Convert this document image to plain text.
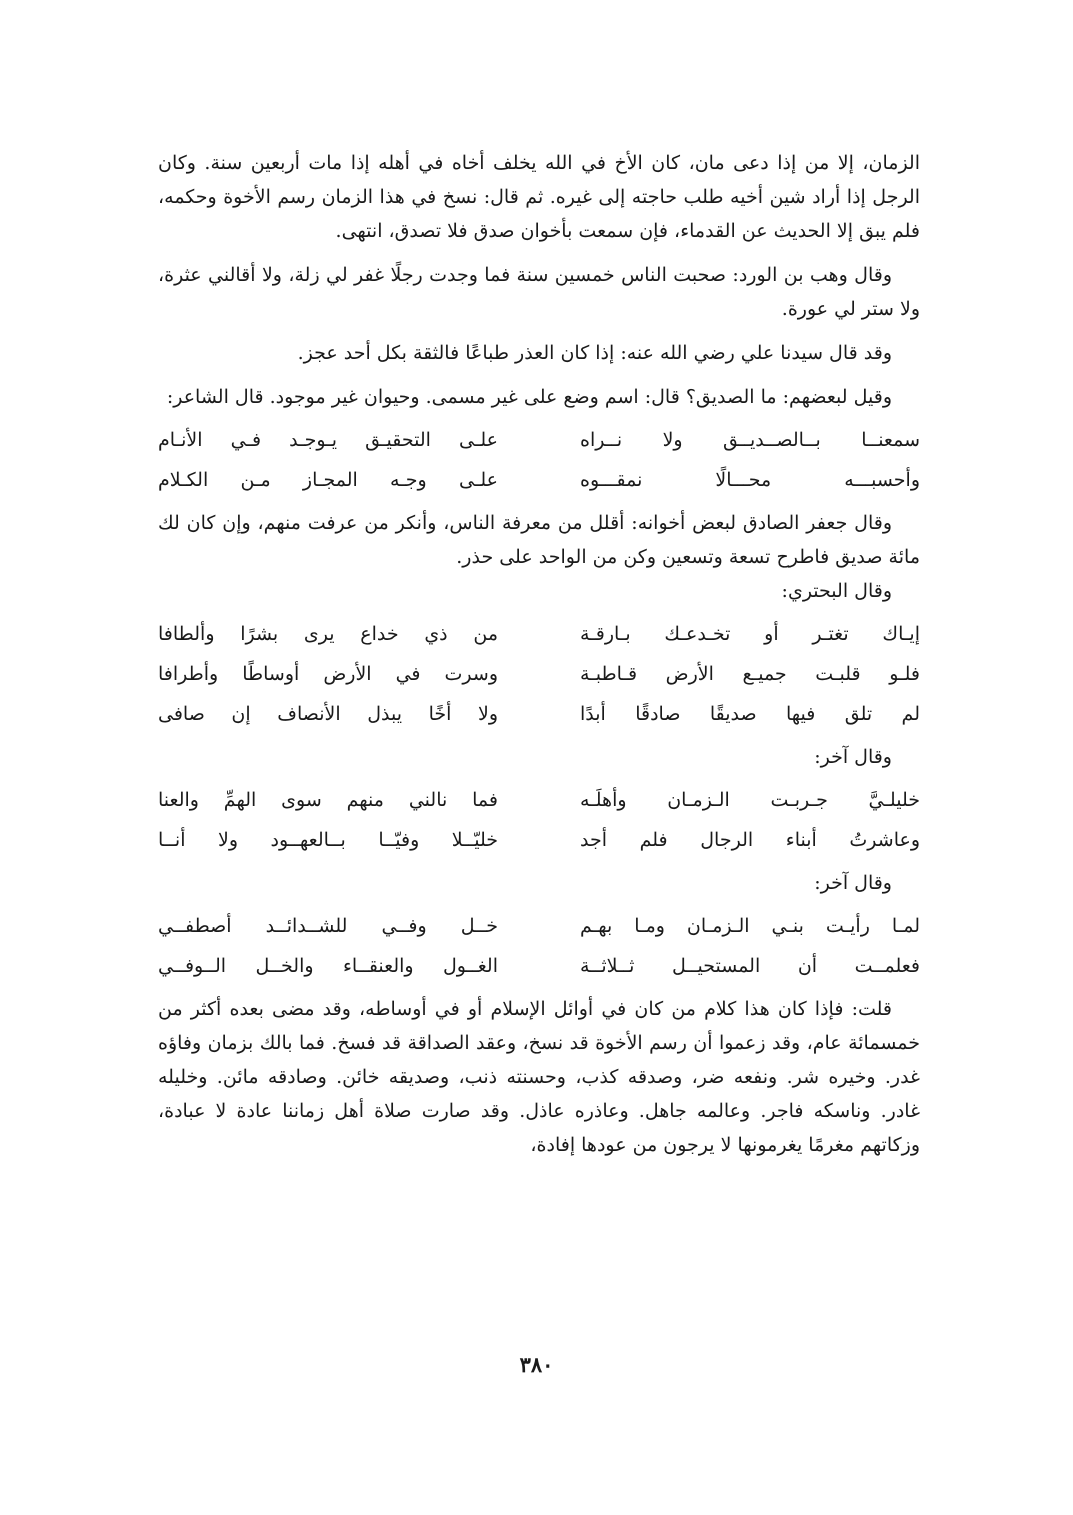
الزمان، إلا من إذا دعى مان، كان الأخ في الله يخلف أخاه في أهله إذا مات أربعين سنة. وكان الرجل إذا أراد شين أخيه طلب حاجته إلى غيره. ثم قال: نسخ في هذا الزمان رسم الأخوة وحكمه، فلم يبق إلا الحديث عن القدماء، فإن سمعت بأخوان صدق فلا تصدق، انتهى.

وقال وهب بن الورد: صحبت الناس خمسين سنة فما وجدت رجلًا غفر لي زلة، ولا أقالني عثرة، ولا ستر لي عورة.

وقد قال سيدنا علي رضي الله عنه: إذا كان العذر طباعًا فالثقة بكل أحد عجز.

وقيل لبعضهم: ما الصديق؟ قال: اسم وضع على غير مسمى. وحيوان غير موجود. قال الشاعر:

سمعنــا بــالصــديــق ولا نــراه
علـى التحقيـق يـوجـد فـي الأنـام
وأحسبـــه محـــالًا نمقـــوه
علـى وجـه المجـاز مـن الكـلام

وقال جعفر الصادق لبعض أخوانه: أقلل من معرفة الناس، وأنكر من عرفت منهم، وإن كان لك مائة صديق فاطرح تسعة وتسعين وكن من الواحد على حذر.

وقال البحتري:

إيـاك تغتـر أو تخـدعـك بـارقـة
من ذي خداع يرى بشرًا وألطافا
فلـو قلبـت جميـع الأرض قـاطبـة
وسرت في الأرض أوساطًا وأطرافا
لم تلق فيها صديقًا صادقًا أبدًا
ولا أخًا يبذل الأنصاف إن صافى

وقال آخر:

خليلـيَّ جـربـت الـزمـان وأهلَـه
فما نالني منهم سوى الهمِّ والعنا
وعاشرتُ أبناء الرجال فلم أجد
خليّــلا وفيّــا بــالعهــود ولا أنــا

وقال آخر:

لمـا رأيـت بنـي الـزمـان ومـا بهـم
خــل وفــي للشــدائــد أصطفــي
فعلمــت أن المستحيــل ثــلاثــة
الغــول والعنقــاء والخــل الــوفــي

قلت: فإذا كان هذا كلام من كان في أوائل الإسلام أو في أوساطه، وقد مضى بعده أكثر من خمسمائة عام، وقد زعموا أن رسم الأخوة قد نسخ، وعقد الصداقة قد فسخ. فما بالك بزمان وفاؤه غدر. وخيره شر. ونفعه ضر، وصدقه كذب، وحسنته ذنب، وصديقه خائن. وصادقه مائن. وخليله غادر. وناسكه فاجر. وعالمه جاهل. وعاذره عاذل. وقد صارت صلاة أهل زماننا عادة لا عبادة، وزكاتهم مغرمًا يغرمونها لا يرجون من عودها إفادة،

٣٨٠
